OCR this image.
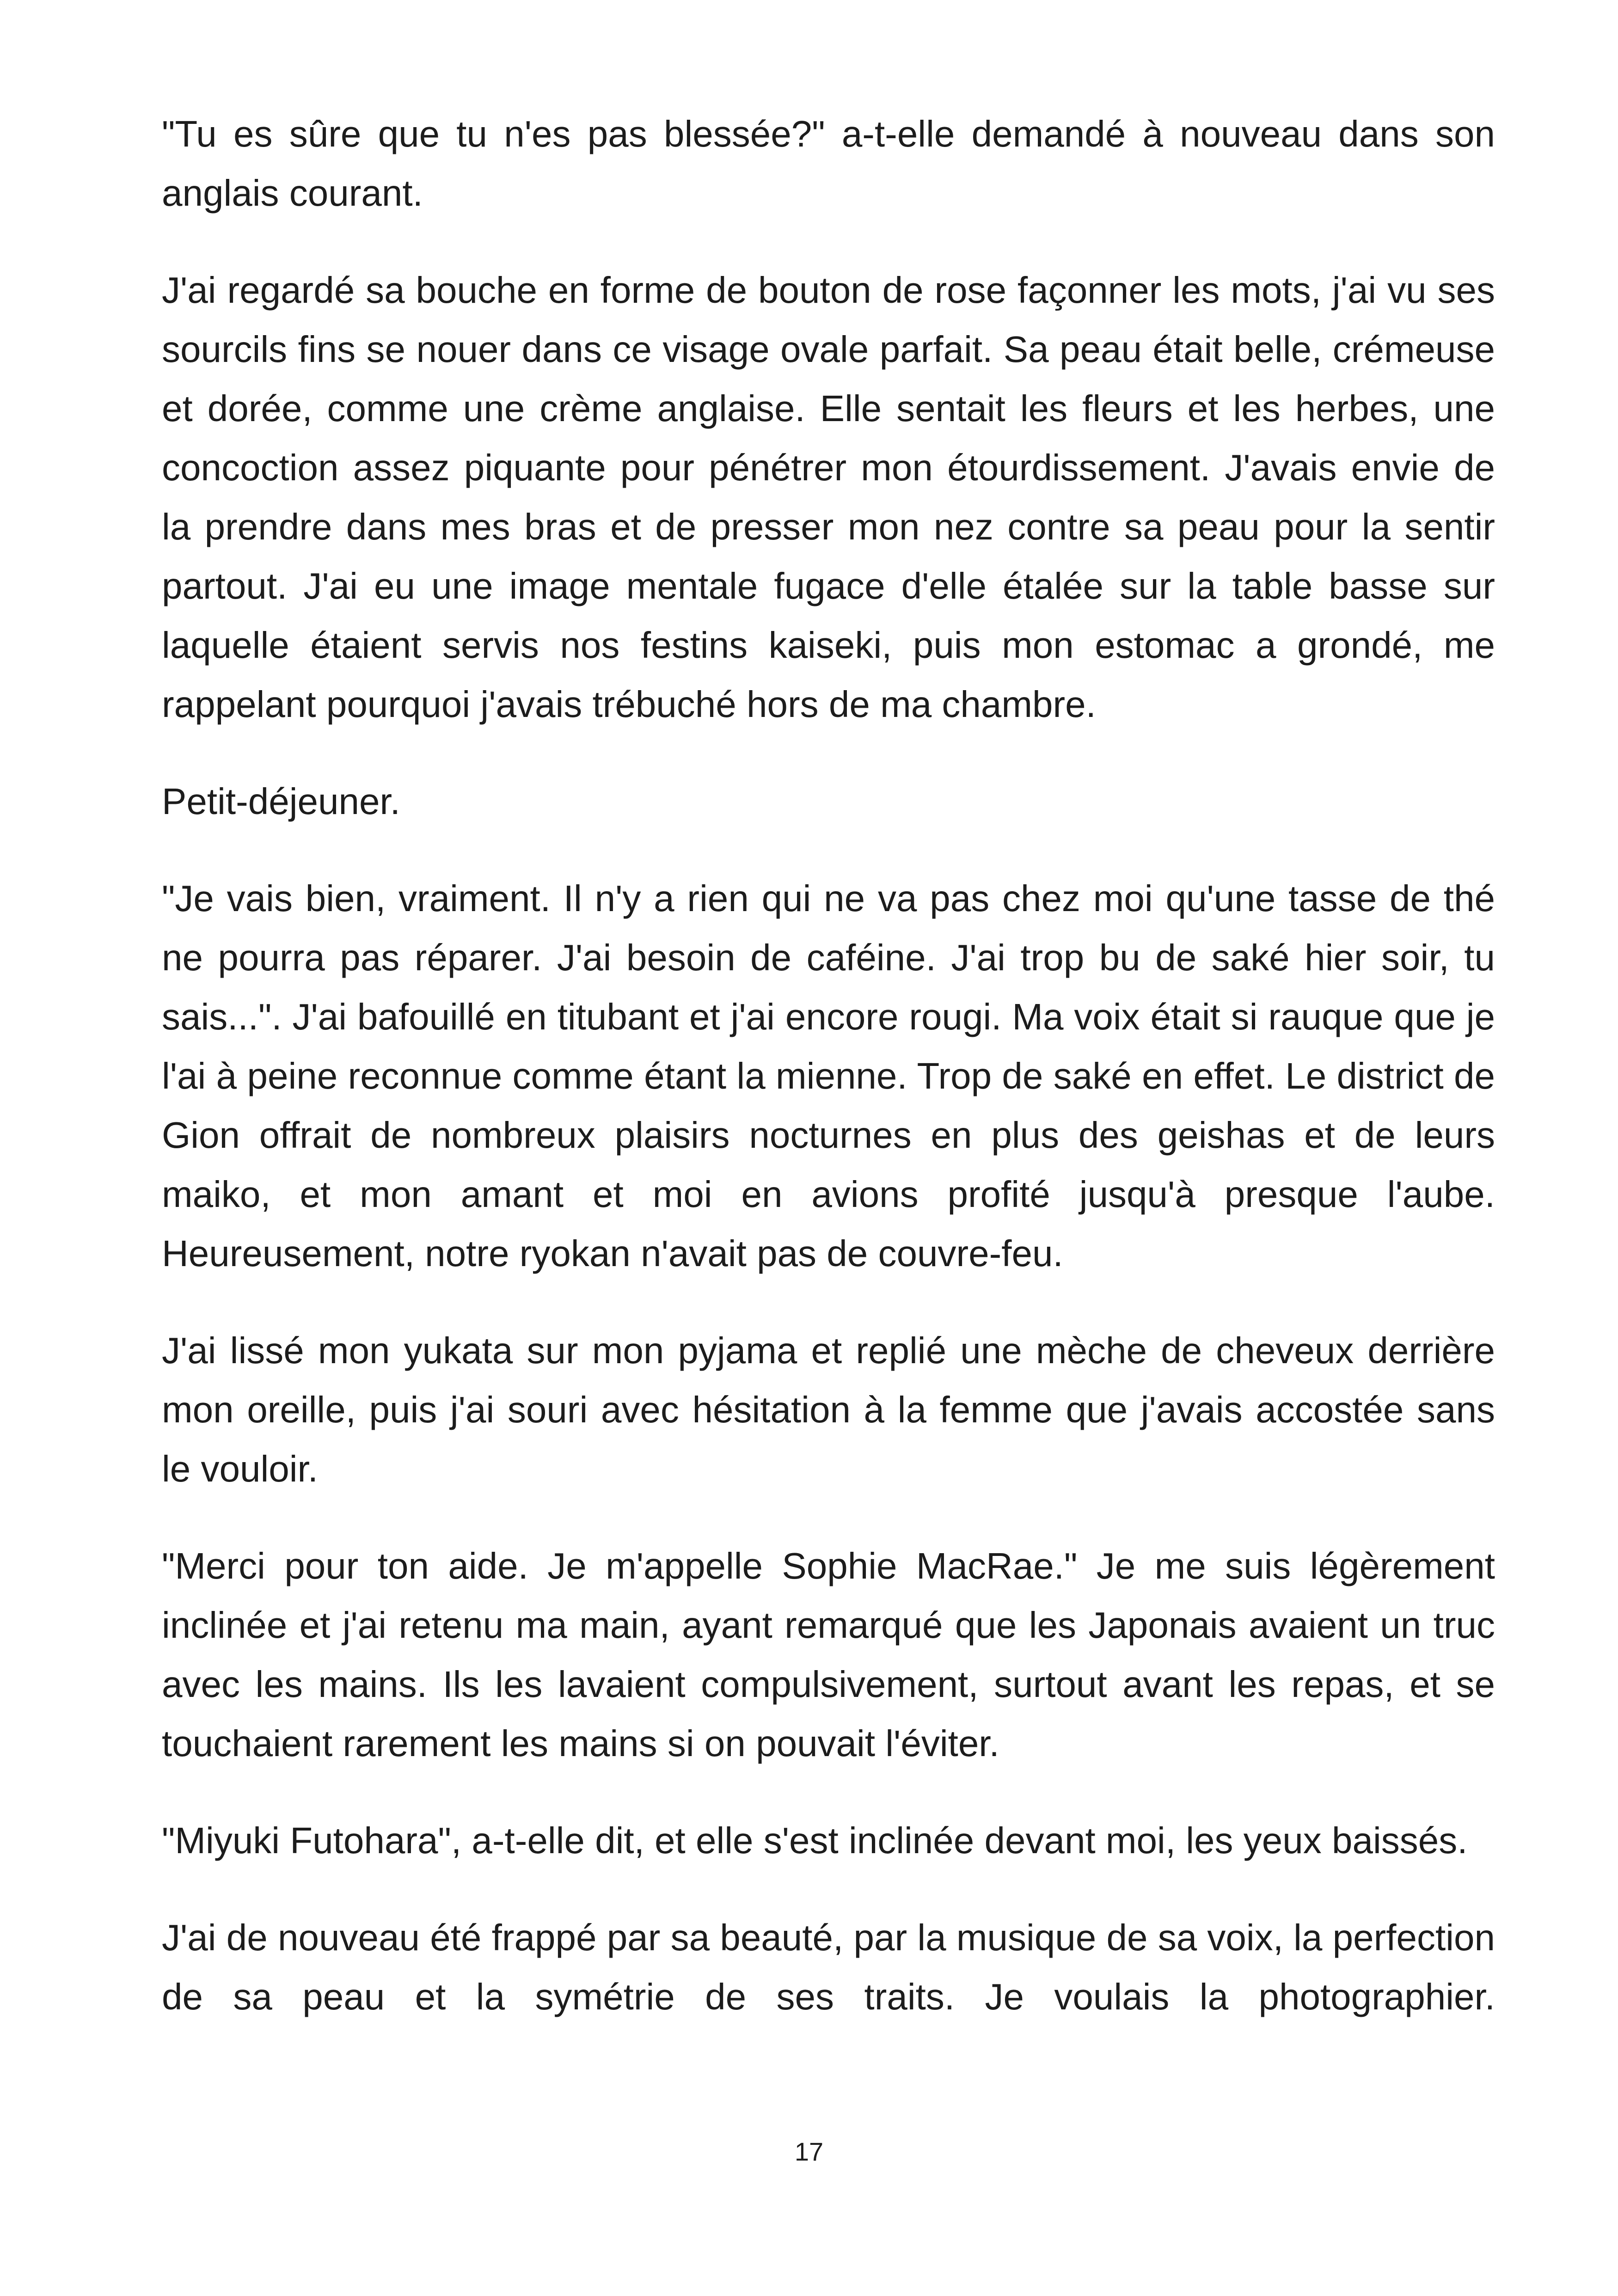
"Tu es sûre que tu n'es pas blessée?" a-t-elle demandé à nouveau dans son anglais courant.

J'ai regardé sa bouche en forme de bouton de rose façonner les mots, j'ai vu ses sourcils fins se nouer dans ce visage ovale parfait. Sa peau était belle, crémeuse et dorée, comme une crème anglaise. Elle sentait les fleurs et les herbes, une concoction assez piquante pour pénétrer mon étourdissement. J'avais envie de la prendre dans mes bras et de presser mon nez contre sa peau pour la sentir partout. J'ai eu une image mentale fugace d'elle étalée sur la table basse sur laquelle étaient servis nos festins kaiseki, puis mon estomac a grondé, me rappelant pourquoi j'avais trébuché hors de ma chambre.

Petit-déjeuner.

"Je vais bien, vraiment. Il n'y a rien qui ne va pas chez moi qu'une tasse de thé ne pourra pas réparer. J'ai besoin de caféine. J'ai trop bu de saké hier soir, tu sais...". J'ai bafouillé en titubant et j'ai encore rougi. Ma voix était si rauque que je l'ai à peine reconnue comme étant la mienne. Trop de saké en effet. Le district de Gion offrait de nombreux plaisirs nocturnes en plus des geishas et de leurs maiko, et mon amant et moi en avions profité jusqu'à presque l'aube. Heureusement, notre ryokan n'avait pas de couvre-feu.

J'ai lissé mon yukata sur mon pyjama et replié une mèche de cheveux derrière mon oreille, puis j'ai souri avec hésitation à la femme que j'avais accostée sans le vouloir.

"Merci pour ton aide. Je m'appelle Sophie MacRae." Je me suis légèrement inclinée et j'ai retenu ma main, ayant remarqué que les Japonais avaient un truc avec les mains. Ils les lavaient compulsivement, surtout avant les repas, et se touchaient rarement les mains si on pouvait l'éviter.

"Miyuki Futohara", a-t-elle dit, et elle s'est inclinée devant moi, les yeux baissés.

J'ai de nouveau été frappé par sa beauté, par la musique de sa voix, la perfection de sa peau et la symétrie de ses traits. Je voulais la photographier.

17
